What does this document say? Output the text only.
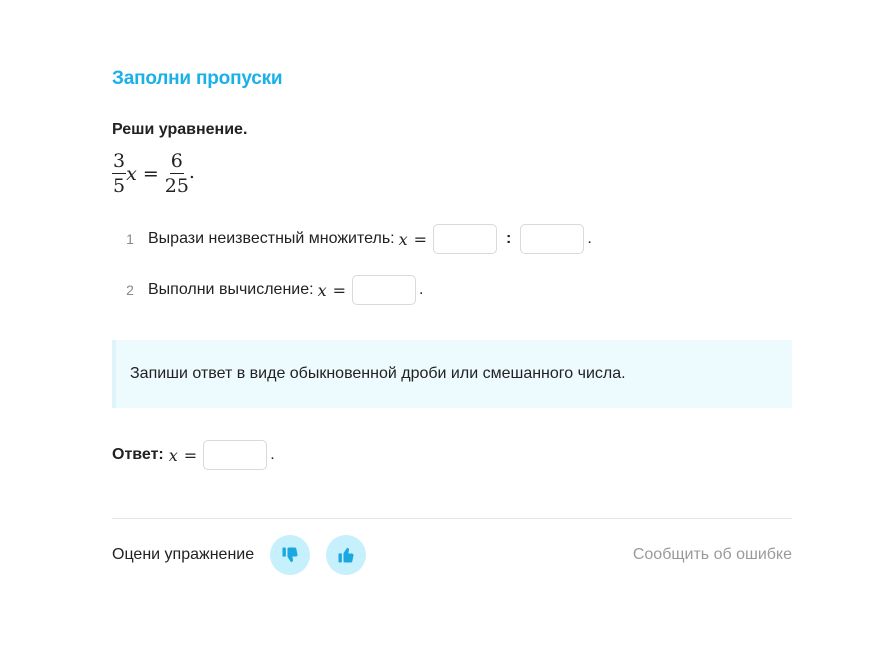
Заполни пропуски
Реши уравнение.
$\frac{3}{5}$ $x = \frac{6}{25}$ .
1 Вырази неизвестный множитель: x =	:	.
2 Выполни вычисление: x =	.
Запиши ответ в виде обыкновенной дроби или смешанного числа.
Ответ: x =	.
Оцени упражнение	Сообщить об ошибке
